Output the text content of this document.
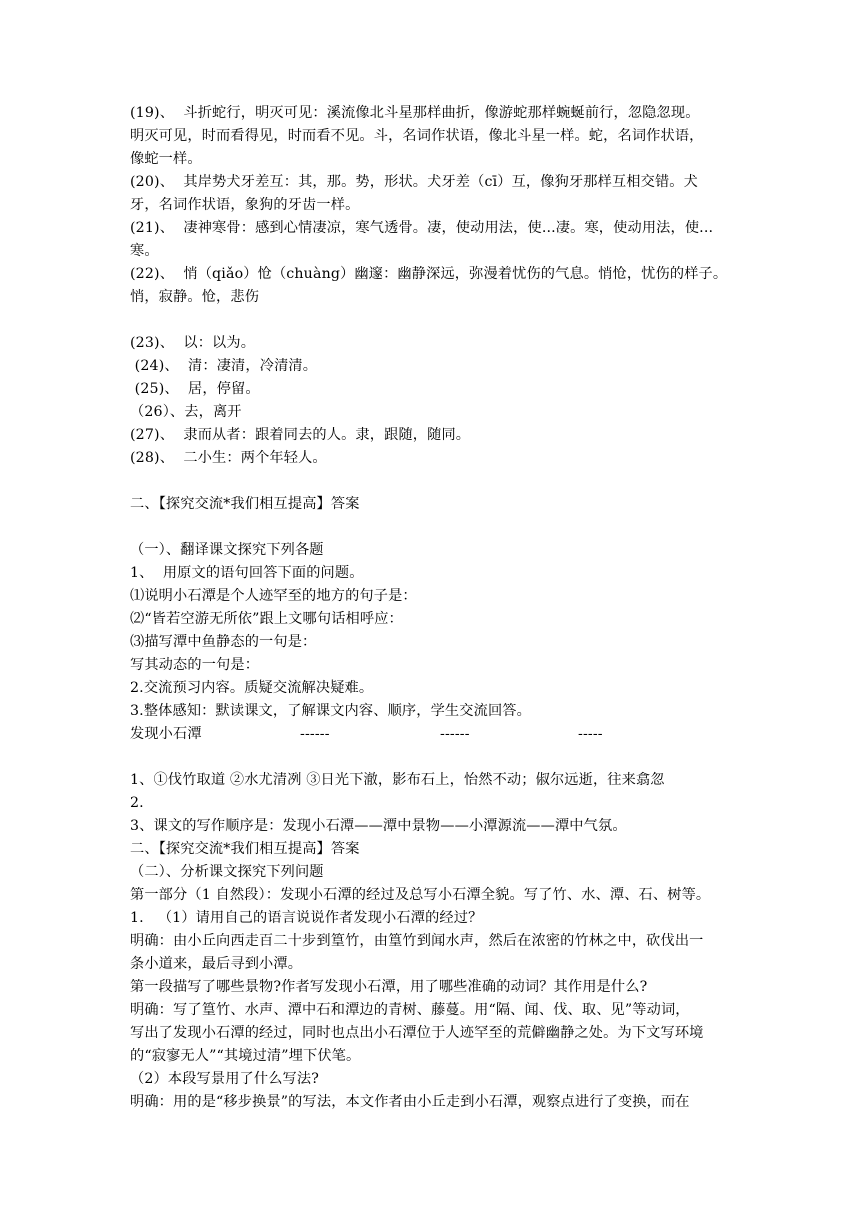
(19)、  斗折蛇行，明灭可见：溪流像北斗星那样曲折，像游蛇那样蜿蜒前行，忽隐忽现。
明灭可见，时而看得见，时而看不见。斗，名词作状语，像北斗星一样。蛇，名词作状语，
像蛇一样。
(20)、  其岸势犬牙差互：其，那。势，形状。犬牙差（cī）互，像狗牙那样互相交错。犬
牙，名词作状语，象狗的牙齿一样。
(21)、  凄神寒骨：感到心情凄凉，寒气透骨。凄，使动用法，使...凄。寒，使动用法，使...
寒。
(22)、  悄（qiǎo）怆（chuàng）幽邃：幽静深远，弥漫着忧伤的气息。悄怆，忧伤的样子。
悄，寂静。怆，悲伤
(23)、  以：以为。
(24)、  清：凄清，冷清清。
(25)、  居，停留。
（26）、去，离开
(27)、  隶而从者：跟着同去的人。隶，跟随，随同。
(28)、  二小生：两个年轻人。
二、【探究交流*我们相互提高】答案
（一）、翻译课文探究下列各题
1、  用原文的语句回答下面的问题。
⑴说明小石潭是个人迹罕至的地方的句子是：
⑵“皆若空游无所依”跟上文哪句话相呼应：
⑶描写潭中鱼静态的一句是：
写其动态的一句是：
2.交流预习内容。质疑交流解决疑难。
3.整体感知：默读课文，了解课文内容、顺序，学生交流回答。

发现小石潭

	------

	------

	-----

1、①伐竹取道 ②水尤清冽 ③日光下澈，影布石上，怡然不动；俶尔远逝，往来翕忽
2.
3、课文的写作顺序是：发现小石潭——潭中景物——小潭源流——潭中气氛。
二、【探究交流*我们相互提高】答案
（二）、分析课文探究下列问题
第一部分（1 自然段）：发现小石潭的经过及总写小石潭全貌。写了竹、水、潭、石、树等。
1.   （1）请用自己的语言说说作者发现小石潭的经过？
明确：由小丘向西走百二十步到篁竹，由篁竹到闻水声，然后在浓密的竹林之中，砍伐出一
条小道来，最后寻到小潭。
第一段描写了哪些景物?作者写发现小石潭，用了哪些准确的动词？其作用是什么?
明确：写了篁竹、水声、潭中石和潭边的青树、藤蔓。用“隔、闻、伐、取、见”等动词，
写出了发现小石潭的经过，同时也点出小石潭位于人迹罕至的荒僻幽静之处。为下文写环境
的“寂寥无人”“其境过清”埋下伏笔。
（2）本段写景用了什么写法?
明确：用的是“移步换景”的写法，本文作者由小丘走到小石潭，观察点进行了变换，而在
